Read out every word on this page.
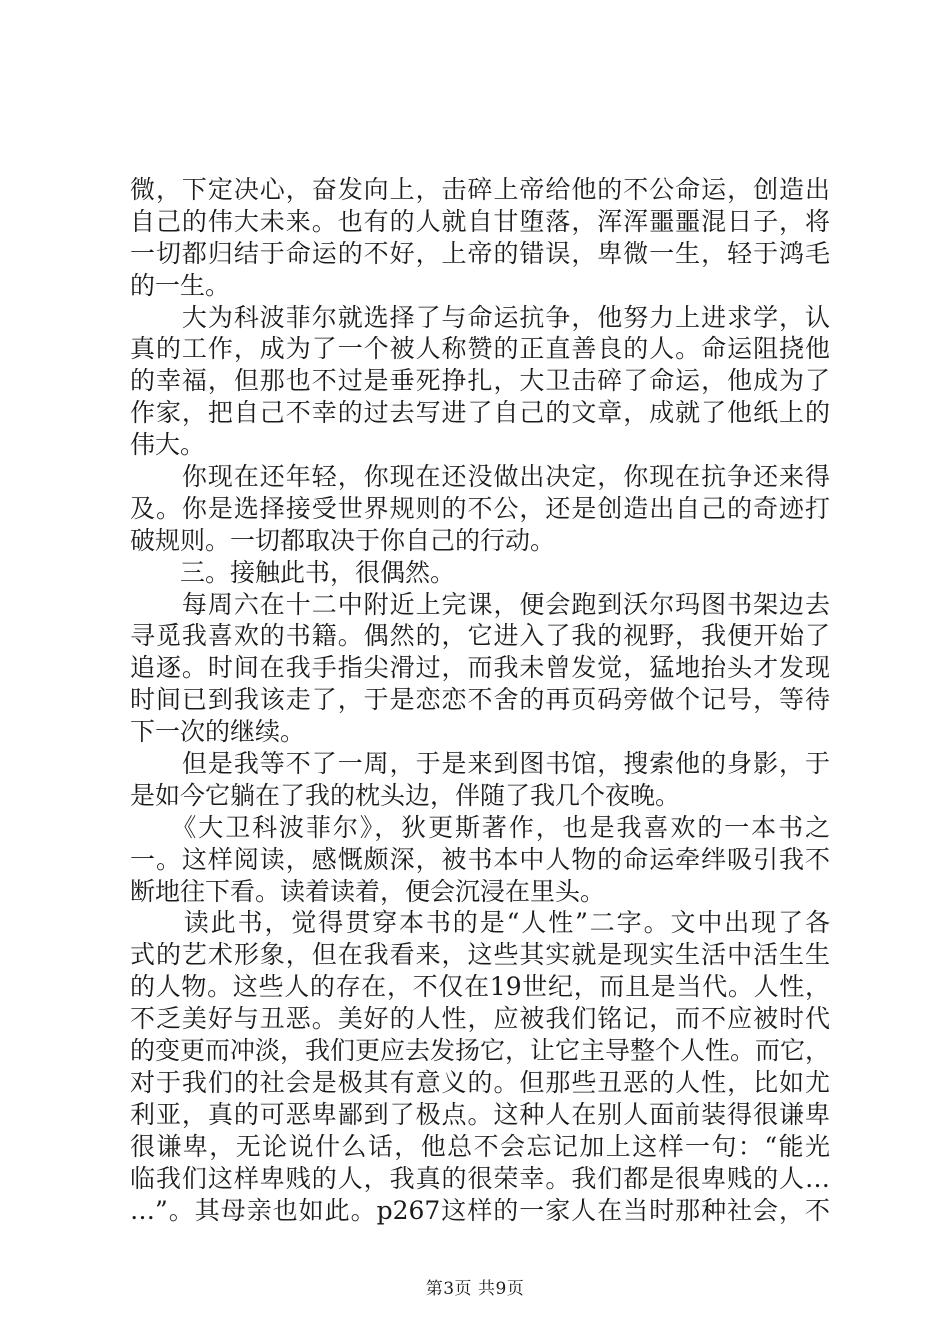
微，下定决心，奋发向上，击碎上帝给他的不公命运，创造出
自己的伟大未来。也有的人就自甘堕落，浑浑噩噩混日子，将
一切都归结于命运的不好，上帝的错误，卑微一生，轻于鸿毛
的一生。
　　大为科波菲尔就选择了与命运抗争，他努力上进求学，认
真的工作，成为了一个被人称赞的正直善良的人。命运阻挠他
的幸福，但那也不过是垂死挣扎，大卫击碎了命运，他成为了
作家，把自己不幸的过去写进了自己的文章，成就了他纸上的
伟大。
　　你现在还年轻，你现在还没做出决定，你现在抗争还来得
及。你是选择接受世界规则的不公，还是创造出自己的奇迹打
破规则。一切都取决于你自己的行动。
　　三。接触此书，很偶然。
　　每周六在十二中附近上完课，便会跑到沃尔玛图书架边去
寻觅我喜欢的书籍。偶然的，它进入了我的视野，我便开始了
追逐。时间在我手指尖滑过，而我未曾发觉，猛地抬头才发现
时间已到我该走了，于是恋恋不舍的再页码旁做个记号，等待
下一次的继续。
　　但是我等不了一周，于是来到图书馆，搜索他的身影，于
是如今它躺在了我的枕头边，伴随了我几个夜晚。
　　《大卫科波菲尔》，狄更斯著作，也是我喜欢的一本书之
一。这样阅读，感慨颇深，被书本中人物的命运牵绊吸引我不
断地往下看。读着读着，便会沉浸在里头。
　　读此书，觉得贯穿本书的是“人性”二字。文中出现了各
式的艺术形象，但在我看来，这些其实就是现实生活中活生生
的人物。这些人的存在，不仅在19世纪，而且是当代。人性，
不乏美好与丑恶。美好的人性，应被我们铭记，而不应被时代
的变更而冲淡，我们更应去发扬它，让它主导整个人性。而它，
对于我们的社会是极其有意义的。但那些丑恶的人性，比如尤
利亚，真的可恶卑鄙到了极点。这种人在别人面前装得很谦卑
很谦卑，无论说什么话，他总不会忘记加上这样一句：“能光
临我们这样卑贱的人，我真的很荣幸。我们都是很卑贱的人…
…”。其母亲也如此。p267这样的一家人在当时那种社会，不
第3页 共9页
